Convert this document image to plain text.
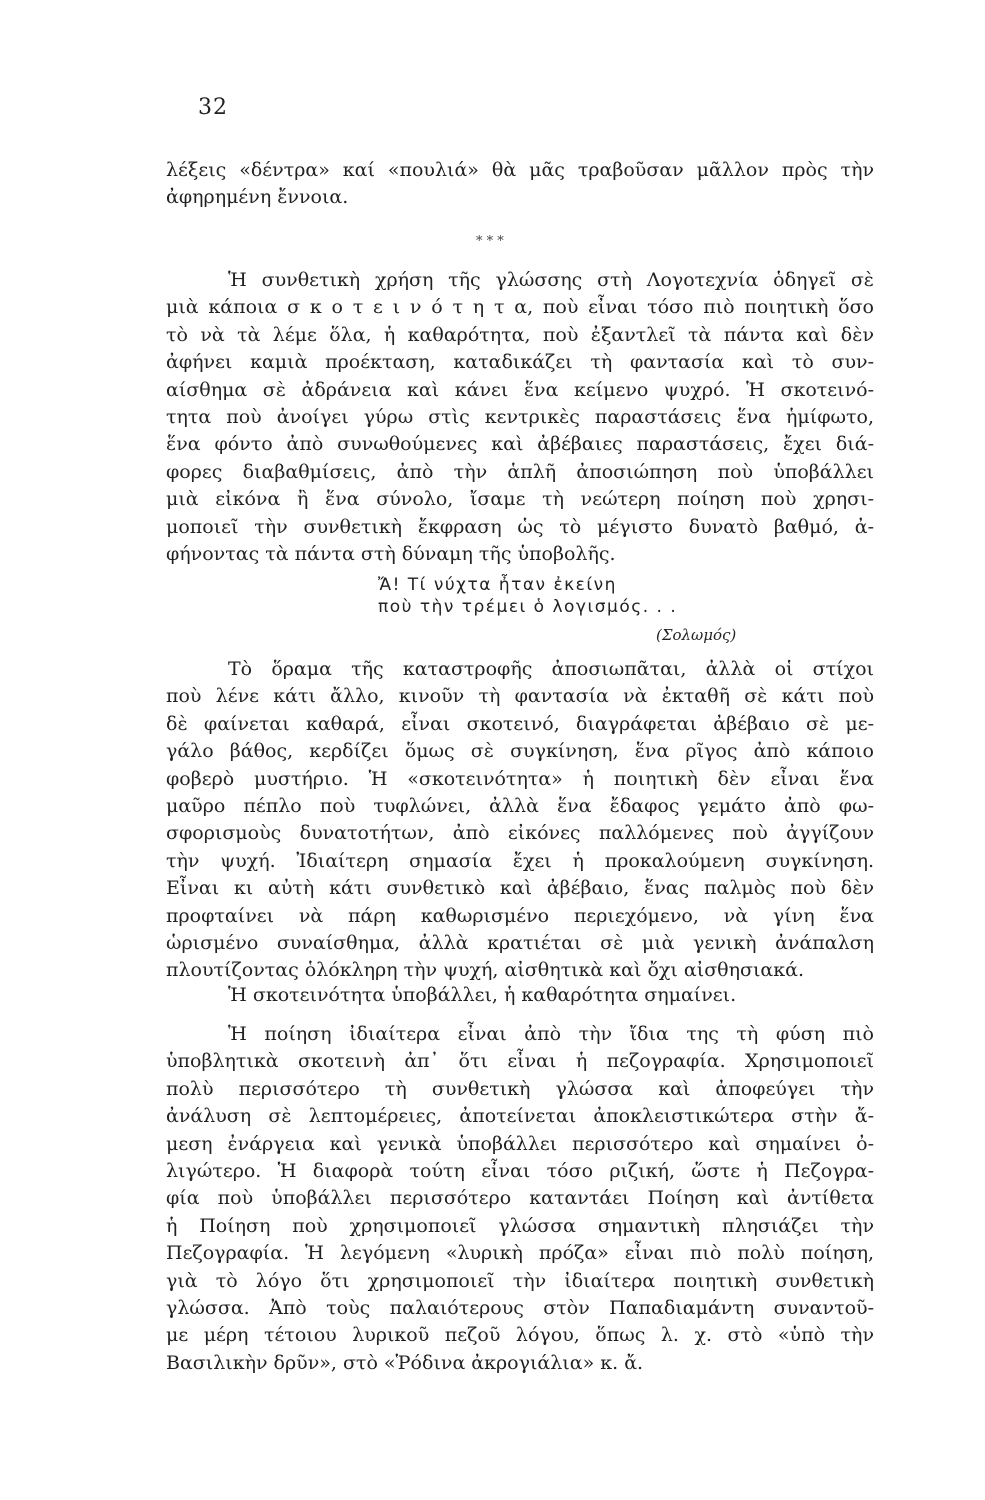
32
λέξεις «δέντρα» καί «πουλιά» θὰ μᾶς τραβοῦσαν μᾶλλον πρὸς τὴν
ἀφηρημένη ἔννοια.
* * *
Ἡ συνθετικὴ χρήση τῆς γλώσσης στὴ Λογοτεχνία ὁδηγεῖ σὲ
μιὰ κάποια σ κ ο τ ε ι ν ό τ η τ α, ποὺ εἶναι τόσο πιὸ ποιητικὴ ὅσο
τὸ νὰ τὰ λέμε ὅλα, ἡ καθαρότητα, ποὺ ἐξαντλεῖ τὰ πάντα καὶ δὲν
ἀφήνει καμιὰ προέκταση, καταδικάζει τὴ φαντασία καὶ τὸ συν-
αίσθημα σὲ ἀδράνεια καὶ κάνει ἕνα κείμενο ψυχρό. Ἡ σκοτεινό-
τητα ποὺ ἀνοίγει γύρω στὶς κεντρικὲς παραστάσεις ἕνα ἡμίφωτο,
ἕνα φόντο ἀπὸ συνωθούμενες καὶ ἀβέβαιες παραστάσεις, ἔχει διά-
φορες διαβαθμίσεις, ἀπὸ τὴν ἁπλῆ ἀποσιώπηση ποὺ ὑποβάλλει
μιὰ εἰκόνα ἢ ἕνα σύνολο, ἴσαμε τὴ νεώτερη ποίηση ποὺ χρησι-
μοποιεῖ τὴν συνθετικὴ ἔκφραση ὡς τὸ μέγιστο δυνατὸ βαθμό, ἀ-
φήνοντας τὰ πάντα στὴ δύναμη τῆς ὑποβολῆς.
Ἄ! Τί νύχτα ἦταν ἐκείνη
ποὺ τὴν τρέμει ὁ λογισμός. . .
(Σολωμός)
Τὸ ὅραμα τῆς καταστροφῆς ἀποσιωπᾶται, ἀλλὰ οἱ στίχοι
ποὺ λένε κάτι ἄλλο, κινοῦν τὴ φαντασία νὰ ἐκταθῆ σὲ κάτι ποὺ
δὲ φαίνεται καθαρά, εἶναι σκοτεινό, διαγράφεται ἀβέβαιο σὲ με-
γάλο βάθος, κερδίζει ὅμως σὲ συγκίνηση, ἕνα ρῖγος ἀπὸ κάποιο
φοβερὸ μυστήριο. Ἡ «σκοτεινότητα» ἡ ποιητικὴ δὲν εἶναι ἕνα
μαῦρο πέπλο ποὺ τυφλώνει, ἀλλὰ ἕνα ἔδαφος γεμάτο ἀπὸ φω-
σφορισμοὺς δυνατοτήτων, ἀπὸ εἰκόνες παλλόμενες ποὺ ἀγγίζουν
τὴν ψυχή. Ἰδιαίτερη σημασία ἔχει ἡ προκαλούμενη συγκίνηση.
Εἶναι κι αὐτὴ κάτι συνθετικὸ καὶ ἀβέβαιο, ἕνας παλμὸς ποὺ δὲν
προφταίνει νὰ πάρη καθωρισμένο περιεχόμενο, νὰ γίνη ἕνα
ὡρισμένο συναίσθημα, ἀλλὰ κρατιέται σὲ μιὰ γενικὴ ἀνάπαλση
πλουτίζοντας ὁλόκληρη τὴν ψυχή, αἰσθητικὰ καὶ ὄχι αἰσθησιακά.
Ἡ σκοτεινότητα ὑποβάλλει, ἡ καθαρότητα σημαίνει.
Ἡ ποίηση ἰδιαίτερα εἶναι ἀπὸ τὴν ἴδια της τὴ φύση πιὸ
ὑποβλητικὰ σκοτεινὴ ἀπ᾽ ὅτι εἶναι ἡ πεζογραφία. Χρησιμοποιεῖ
πολὺ περισσότερο τὴ συνθετικὴ γλώσσα καὶ ἀποφεύγει τὴν
ἀνάλυση σὲ λεπτομέρειες, ἀποτείνεται ἀποκλειστικώτερα στὴν ἄ-
μεση ἐνάργεια καὶ γενικὰ ὑποβάλλει περισσότερο καὶ σημαίνει ὀ-
λιγώτερο. Ἡ διαφορὰ τούτη εἶναι τόσο ριζική, ὥστε ἡ Πεζογρα-
φία ποὺ ὑποβάλλει περισσότερο καταντάει Ποίηση καὶ ἀντίθετα
ἡ Ποίηση ποὺ χρησιμοποιεῖ γλώσσα σημαντικὴ πλησιάζει τὴν
Πεζογραφία. Ἡ λεγόμενη «λυρικὴ πρόζα» εἶναι πιὸ πολὺ ποίηση,
γιὰ τὸ λόγο ὅτι χρησιμοποιεῖ τὴν ἰδιαίτερα ποιητικὴ συνθετικὴ
γλώσσα. Ἀπὸ τοὺς παλαιότερους στὸν Παπαδιαμάντη συναντοῦ-
με μέρη τέτοιου λυρικοῦ πεζοῦ λόγου, ὅπως λ. χ. στὸ «ὑπὸ τὴν
Βασιλικὴν δρῦν», στὸ «Ῥόδινα ἀκρογιάλια» κ. ἄ.
